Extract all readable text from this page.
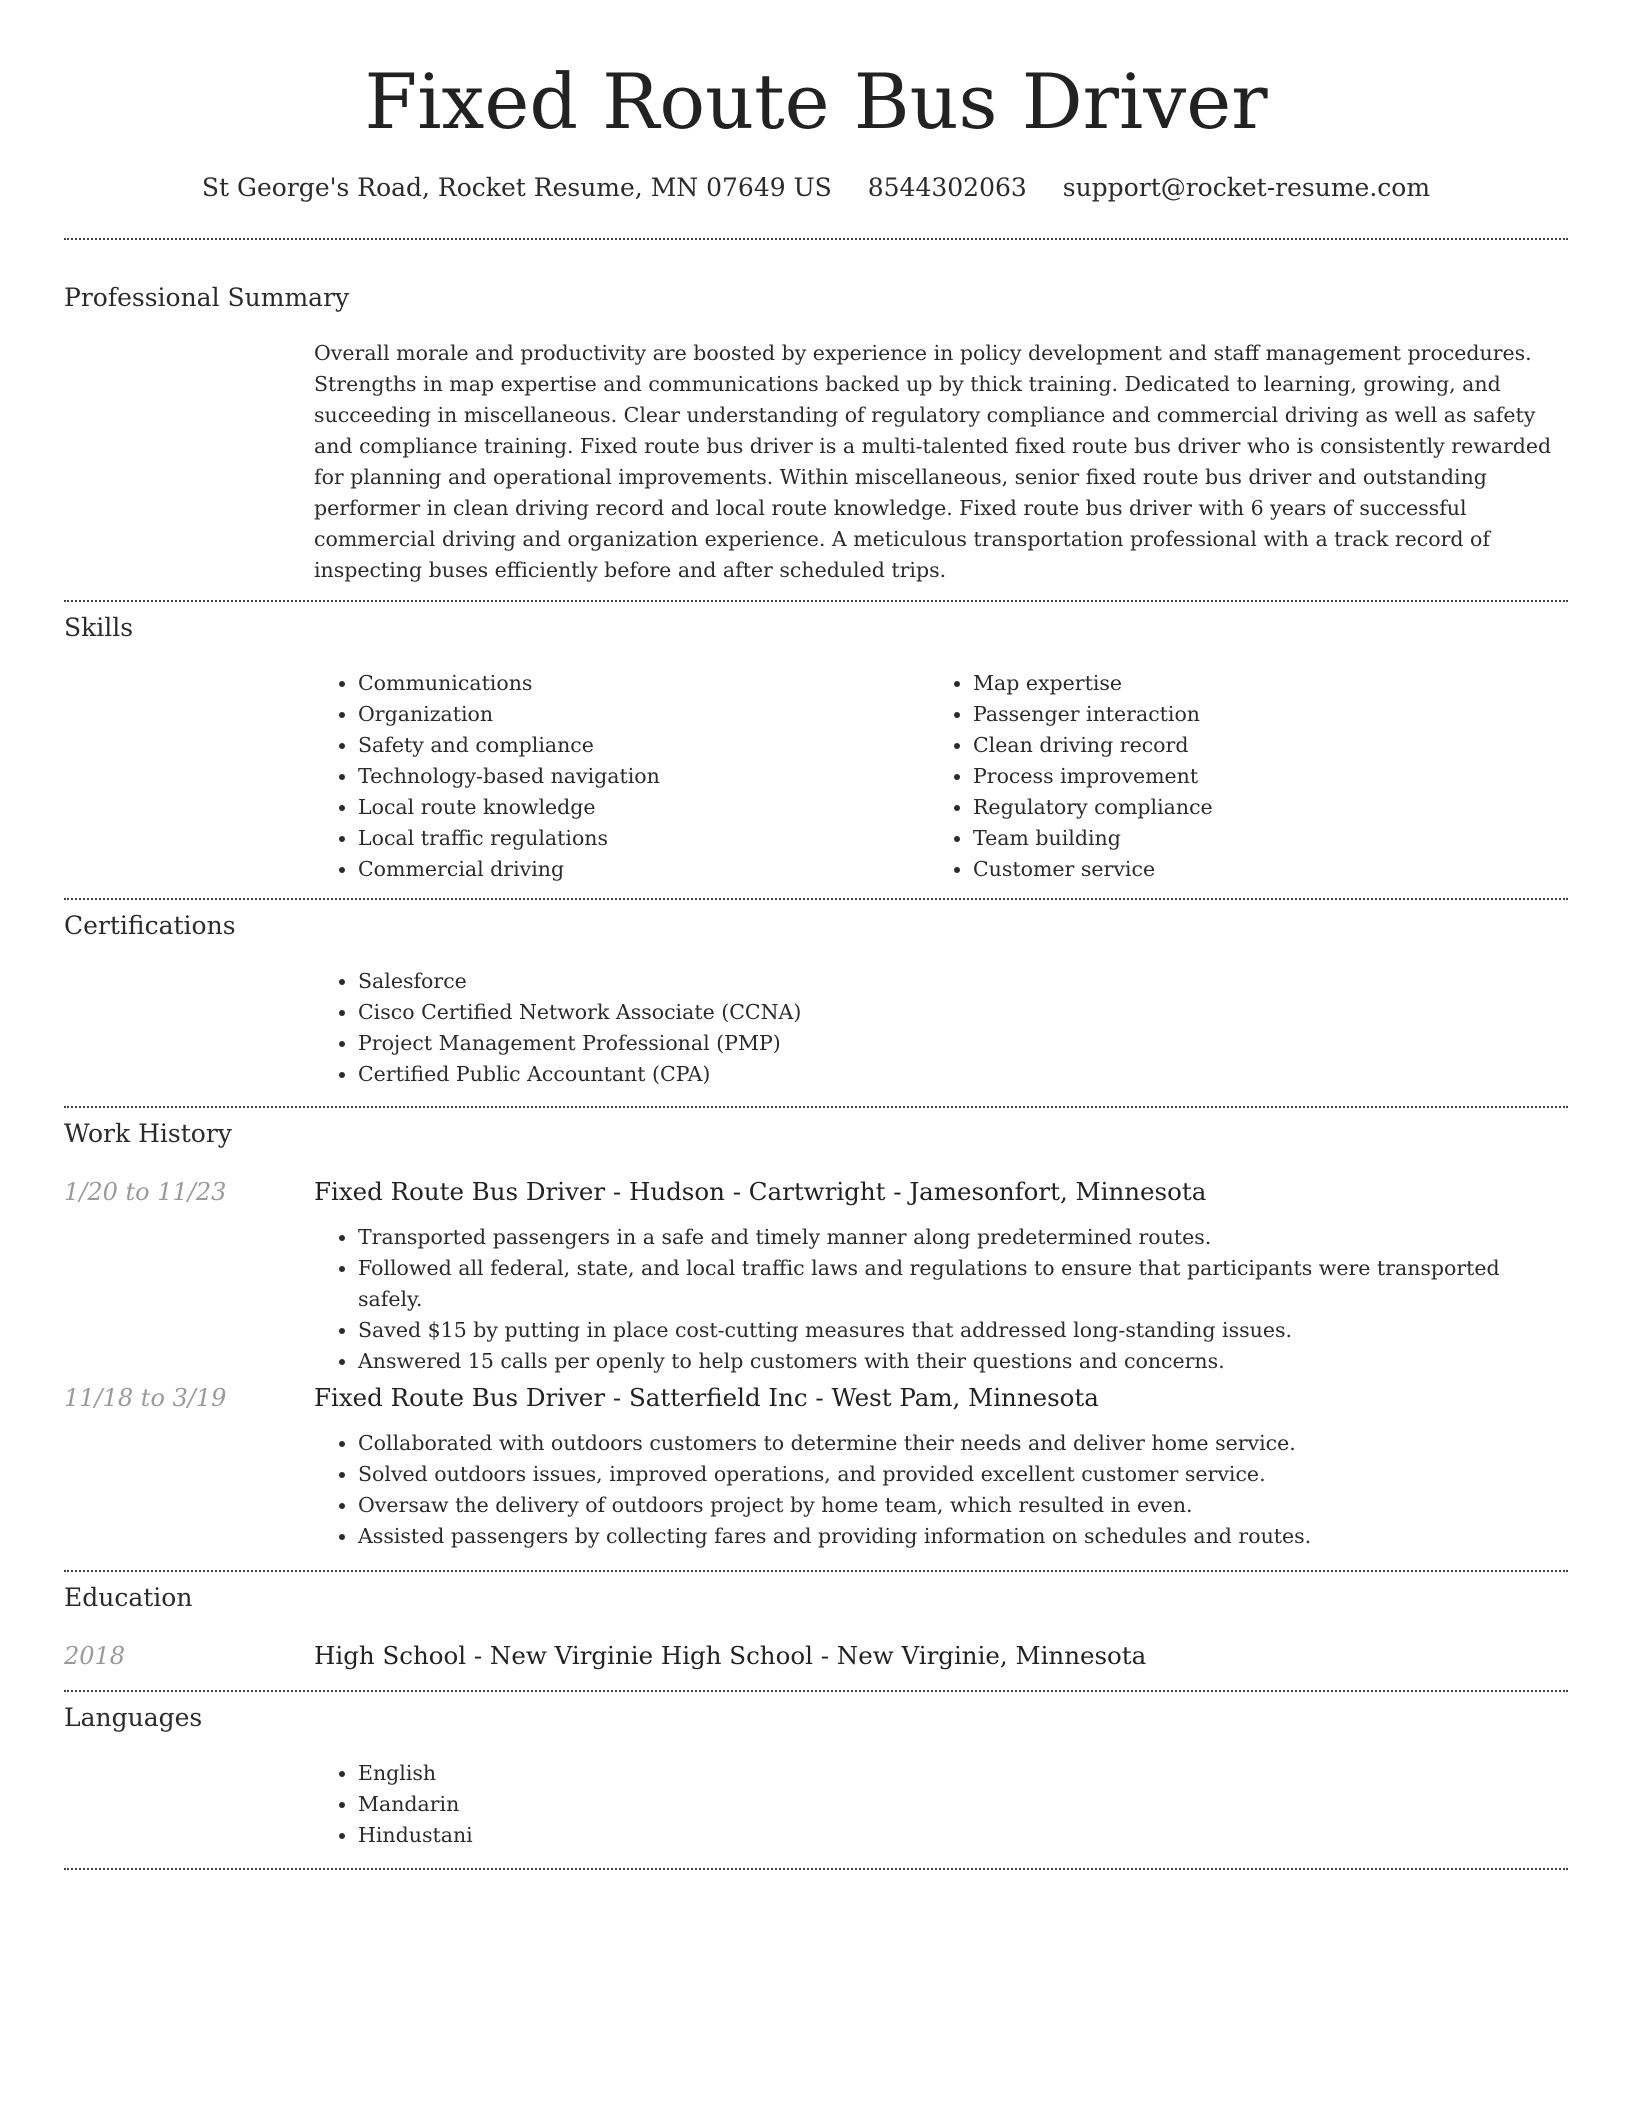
Fixed Route Bus Driver
St George's Road, Rocket Resume, MN 07649 US 8544302063 support@rocket-resume.com
Professional Summary

Overall morale and productivity are boosted by experience in policy development and staff management procedures. Strengths in map expertise and communications backed up by thick training. Dedicated to learning, growing, and succeeding in miscellaneous. Clear understanding of regulatory compliance and commercial driving as well as safety and compliance training. Fixed route bus driver is a multi-talented fixed route bus driver who is consistently rewarded for planning and operational improvements. Within miscellaneous, senior fixed route bus driver and outstanding performer in clean driving record and local route knowledge. Fixed route bus driver with 6 years of successful commercial driving and organization experience. A meticulous transportation professional with a track record of inspecting buses efficiently before and after scheduled trips.

Skills
• Communications
• Organization
• Safety and compliance
• Technology-based navigation
• Local route knowledge
• Local traffic regulations
• Commercial driving
• Map expertise
• Passenger interaction
• Clean driving record
• Process improvement
• Regulatory compliance
• Team building
• Customer service
Certifications
• Salesforce
• Cisco Certified Network Associate (CCNA)
• Project Management Professional (PMP)
• Certified Public Accountant (CPA)
Work History
1/20 to 11/23	Fixed Route Bus Driver - Hudson - Cartwright - Jamesonfort, Minnesota
• Transported passengers in a safe and timely manner along predetermined routes.
• Followed all federal, state, and local traffic laws and regulations to ensure that participants were transported safely.
• Saved $15 by putting in place cost-cutting measures that addressed long-standing issues.
• Answered 15 calls per openly to help customers with their questions and concerns.
11/18 to 3/19	Fixed Route Bus Driver - Satterfield Inc - West Pam, Minnesota
• Collaborated with outdoors customers to determine their needs and deliver home service.
• Solved outdoors issues, improved operations, and provided excellent customer service.
• Oversaw the delivery of outdoors project by home team, which resulted in even.
• Assisted passengers by collecting fares and providing information on schedules and routes.
Education
2018	High School - New Virginie High School - New Virginie, Minnesota
Languages
• English
• Mandarin
• Hindustani
